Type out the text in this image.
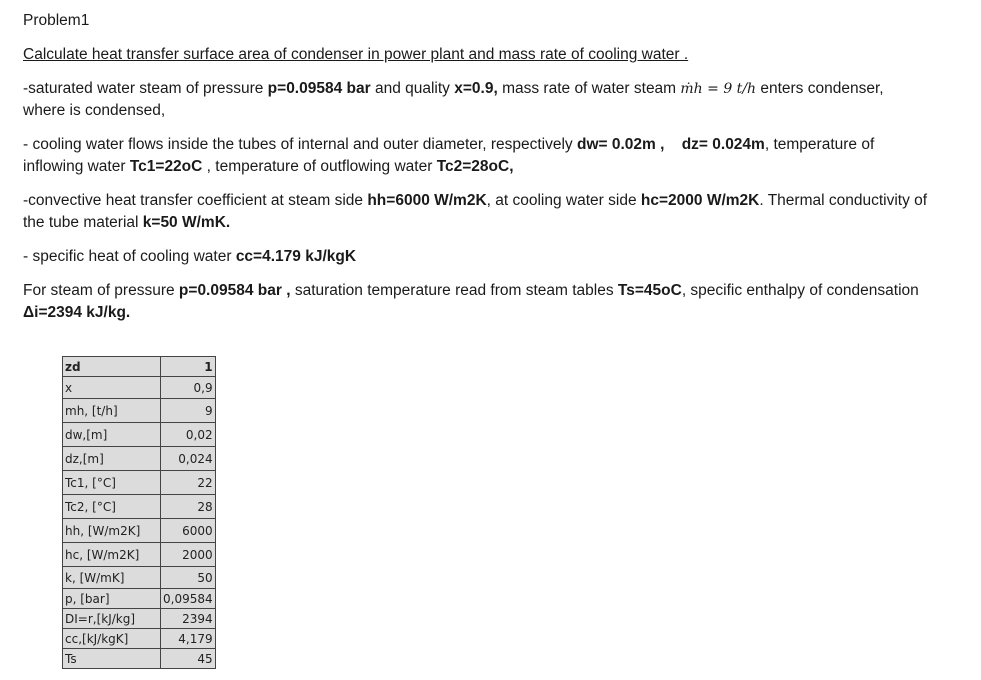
Problem1
Calculate heat transfer surface area of condenser in power plant and mass rate of cooling water .
-saturated water steam of pressure p=0.09584 bar and quality x=0.9, mass rate of water steam ṁh = 9 t/h enters condenser,
where is condensed,
- cooling water flows inside the tubes of internal and outer diameter, respectively dw= 0.02m , dz= 0.024m, temperature of
inflowing water Tc1=22oC , temperature of outflowing water Tc2=28oC,
-convective heat transfer coefficient at steam side hh=6000 W/m2K, at cooling water side hc=2000 W/m2K. Thermal conductivity of
the tube material k=50 W/mK.
- specific heat of cooling water cc=4.179 kJ/kgK
For steam of pressure p=0.09584 bar , saturation temperature read from steam tables Ts=45oC, specific enthalpy of condensation
Δi=2394 kJ/kg.
zd	1
x	0,9
mh, [t/h]	9
dw,[m]	0,02
dz,[m]	0,024
Tc1, [°C]	22
Tc2, [°C]	28
hh, [W/m2K]	6000
hc, [W/m2K]	2000
k, [W/mK]	50
p, [bar]	0,09584
DI=r,[kJ/kg]	2394
cc,[kJ/kgK]	4,179
Ts	45
